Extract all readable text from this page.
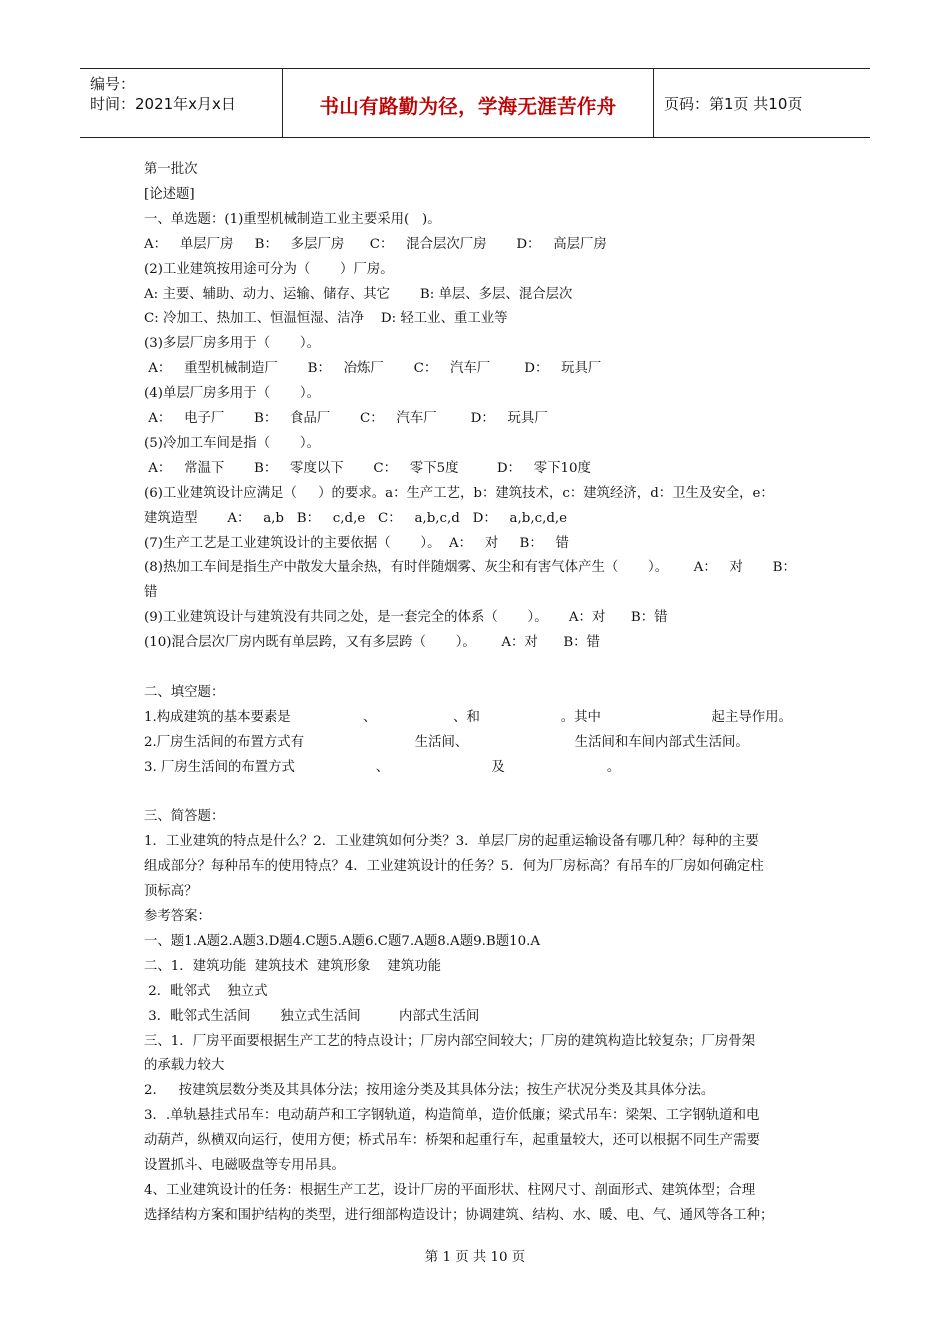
编号：
时间：2021年x月x日	书山有路勤为径，学海无涯苦作舟	页码：第1页 共10页
第一批次
[论述题]
一、单选题：(1)重型机械制造工业主要采用(   )。
A：   单层厂房     B：   多层厂房      C：   混合层次厂房       D：   高层厂房
(2)工业建筑按用途可分为（       ）厂房。
A: 主要、辅助、动力、运输、储存、其它       B: 单层、多层、混合层次
C: 冷加工、热加工、恒温恒湿、洁净    D: 轻工业、重工业等
(3)多层厂房多用于（       ）。
A：   重型机械制造厂       B：   冶炼厂       C：   汽车厂        D：   玩具厂
(4)单层厂房多用于（       ）。
A：   电子厂       B：   食品厂       C：   汽车厂        D：   玩具厂
(5)冷加工车间是指（       ）。
A：   常温下       B：   零度以下       C：   零下5度         D：   零下10度
(6)工业建筑设计应满足（     ）的要求。a：生产工艺，b：建筑技术，c：建筑经济，d：卫生及安全，e：
建筑造型       A：   a,b   B：   c,d,e   C：   a,b,c,d   D：   a,b,c,d,e
(7)生产工艺是工业建筑设计的主要依据（       ）。  A：   对     B：   错
(8)热加工车间是指生产中散发大量余热，有时伴随烟雾、灰尘和有害气体产生（       ）。      A：   对       B：
错
(9)工业建筑设计与建筑没有共同之处，是一套完全的体系（       ）。     A：对      B：错
(10)混合层次厂房内既有单层跨，又有多层跨（       ）。      A：对      B：错
二、填空题：
1.构成建筑的基本要素是                 、                  、和                   。其中                          起主导作用。
2.厂房生活间的布置方式有                          生活间、                         生活间和车间内部式生活间。
3. 厂房生活间的布置方式                   、                        及                        。
三、简答题：
1．工业建筑的特点是什么？2．工业建筑如何分类？3．单层厂房的起重运输设备有哪几种？每种的主要
组成部分？每种吊车的使用特点？4．工业建筑设计的任务？5．何为厂房标高？有吊车的厂房如何确定柱
顶标高？
参考答案：
一、题1.A题2.A题3.D题4.C题5.A题6.C题7.A题8.A题9.B题10.A
二、1．建筑功能  建筑技术  建筑形象    建筑功能
2．毗邻式    独立式
3．毗邻式生活间       独立式生活间         内部式生活间
三、1．厂房平面要根据生产工艺的特点设计；厂房内部空间较大；厂房的建筑构造比较复杂；厂房骨架
的承载力较大
2．   按建筑层数分类及其具体分法；按用途分类及其具体分法；按生产状况分类及其具体分法。
3．.单轨悬挂式吊车：电动葫芦和工字钢轨道，构造简单，造价低廉；梁式吊车：梁架、工字钢轨道和电
动葫芦，纵横双向运行，使用方便；桥式吊车：桥架和起重行车，起重量较大，还可以根据不同生产需要
设置抓斗、电磁吸盘等专用吊具。
4、工业建筑设计的任务：根据生产工艺，设计厂房的平面形状、柱网尺寸、剖面形式、建筑体型；合理
选择结构方案和围护结构的类型，进行细部构造设计；协调建筑、结构、水、暖、电、气、通风等各工种；
第 1 页 共 10 页
